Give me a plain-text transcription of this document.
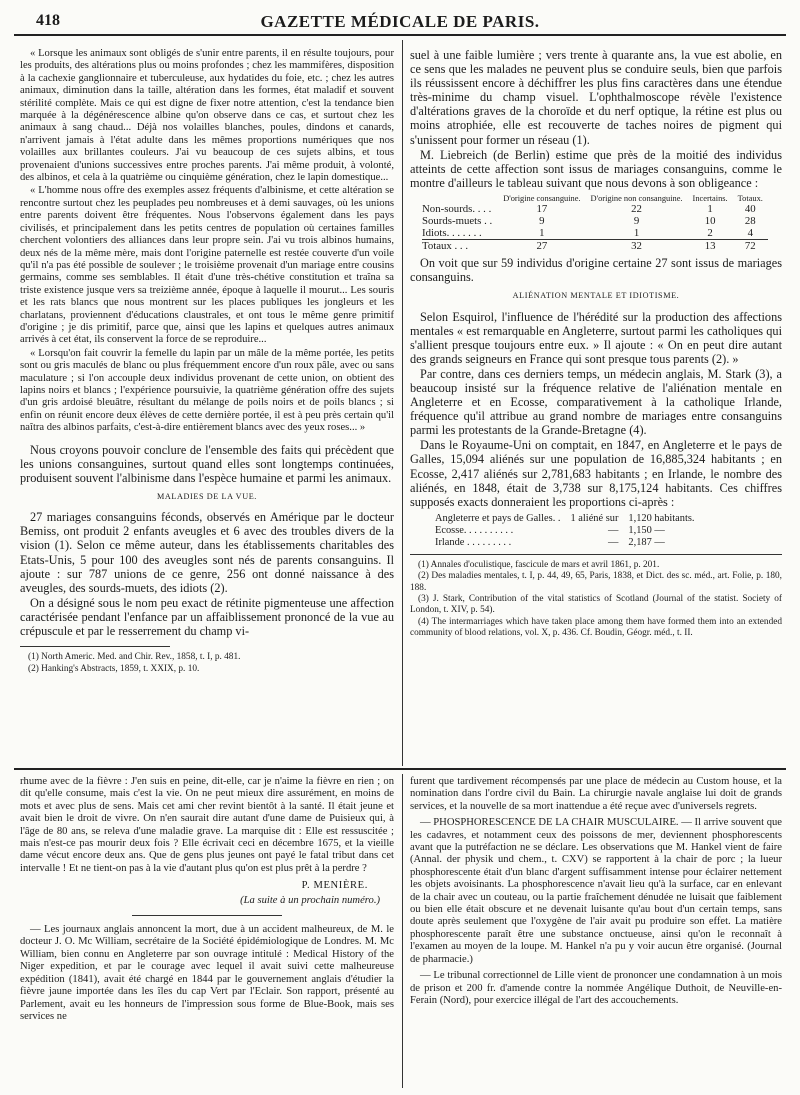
418	GAZETTE MÉDICALE DE PARIS.

« Lorsque les animaux sont obligés de s'unir entre parents, il en résulte toujours, pour les produits, des altérations plus ou moins profondes ; chez les mammifères, disposition à la cachexie ganglionnaire et tuberculeuse, aux hydatides du foie, etc. ; chez les autres animaux, diminution dans la taille, altération dans les formes, état maladif et souvent stérilité complète. Mais ce qui est digne de fixer notre attention, c'est la tendance bien marquée à la dégénérescence albine qu'on observe dans ce cas, et surtout chez les animaux à sang chaud... Déjà nos volailles blanches, poules, dindons et canards, n'arrivent jamais à l'état adulte dans les mêmes proportions numériques que nos volailles aux brillantes couleurs. J'ai vu beaucoup de ces sujets albins, et tous provenaient d'unions successives entre proches parents. J'ai même produit, à volonté, des albinos, et cela à la quatrième ou cinquième génération, chez le lapin domestique...

« L'homme nous offre des exemples assez fréquents d'albinisme, et cette altération se rencontre surtout chez les peuplades peu nombreuses et à demi sauvages, où les unions entre parents doivent être fréquentes. Nous l'observons également dans les pays civilisés, et principalement dans les petits centres de population où certaines familles cherchent volontiers des alliances dans leur propre sein. J'ai vu trois albinos humains, deux nés de la même mère, mais dont l'origine paternelle est restée couverte d'un voile qu'il n'a pas été possible de soulever ; le troisième provenait d'un mariage entre cousins germains, comme ses semblables. Il était d'une très-chétive constitution et traîna sa triste existence jusque vers sa treizième année, époque à laquelle il mourut... Les souris et les rats blancs que nous montrent sur les places publiques les jongleurs et les charlatans, proviennent d'éducations claustrales, et ont tous le même genre primitif d'origine ; je dis primitif, parce que, ainsi que les lapins et quelques autres animaux arrivés à cet état, ils conservent la force de se reproduire...

« Lorsqu'on fait couvrir la femelle du lapin par un mâle de la même portée, les petits sont ou gris maculés de blanc ou plus fréquemment encore d'un roux pâle, avec ou sans maculature ; si l'on accouple deux individus provenant de cette union, on obtient des lapins noirs et blancs ; l'expérience poursuivie, la quatrième génération offre des sujets d'un gris ardoisé bleuâtre, résultant du mélange de poils noirs et de poils blancs ; si enfin on réunit encore deux élèves de cette dernière portée, il est à peu près certain qu'il naîtra des albinos parfaits, c'est-à-dire entièrement blancs avec des yeux roses... »

Nous croyons pouvoir conclure de l'ensemble des faits qui précèdent que les unions consanguines, surtout quand elles sont longtemps continuées, produisent souvent l'albinisme dans l'espèce humaine et parmi les animaux.

MALADIES DE LA VUE.

27 mariages consanguins féconds, observés en Amérique par le docteur Bemiss, ont produit 2 enfants aveugles et 6 avec des troubles divers de la vision (1). Selon ce même auteur, dans les établissements charitables des Etats-Unis, 5 pour 100 des aveugles sont nés de parents consanguins. Il ajoute : sur 787 unions de ce genre, 256 ont donné naissance à des aveugles, des sourds-muets, des idiots (2).

On a désigné sous le nom peu exact de rétinite pigmenteuse une affection caractérisée pendant l'enfance par un affaiblissement prononcé de la vue au crépuscule et par le resserrement du champ vi-

(1) North Americ. Med. and Chir. Rev., 1858, t. I, p. 481.

(2) Hanking's Abstracts, 1859, t. XXIX, p. 10.

suel à une faible lumière ; vers trente à quarante ans, la vue est abolie, en ce sens que les malades ne peuvent plus se conduire seuls, bien que parfois ils réussissent encore à déchiffrer les plus fins caractères dans une étendue très-minime du champ visuel. L'ophthalmoscope révèle l'existence d'altérations graves de la choroïde et du nerf optique, la rétine est plus ou moins atrophiée, elle est recouverte de taches noires de pigment qui s'unissent pour former un réseau (1).

M. Liebreich (de Berlin) estime que près de la moitié des individus atteints de cette affection sont issus de mariages consanguins, comme le montre d'ailleurs le tableau suivant que nous devons à son obligeance :

	D'origine consanguine.	D'origine non consanguine.	Incertains.	Totaux.
Non-sourds. . . .	17	22	1	40
Sourds-muets . .	9	9	10	28
Idiots. . . . . . .	1	1	2	4
Totaux . . .	27	32	13	72

On voit que sur 59 individus d'origine certaine 27 sont issus de mariages consanguins.

ALIÉNATION MENTALE ET IDIOTISME.

Selon Esquirol, l'influence de l'hérédité sur la production des affections mentales « est remarquable en Angleterre, surtout parmi les catholiques qui s'allient presque toujours entre eux. » Il ajoute : « On en peut dire autant des grands seigneurs en France qui sont presque tous parents (2). »

Par contre, dans ces derniers temps, un médecin anglais, M. Stark (3), a beaucoup insisté sur la fréquence relative de l'aliénation mentale en Angleterre et en Ecosse, comparativement à la catholique Irlande, fréquence qu'il attribue au grand nombre de mariages entre consanguins parmi les protestants de la Grande-Bretagne (4).

Dans le Royaume-Uni on comptait, en 1847, en Angleterre et le pays de Galles, 15,094 aliénés sur une population de 16,885,324 habitants ; en Ecosse, 2,417 aliénés sur 2,781,683 habitants ; en Irlande, le nombre des aliénés, en 1848, était de 3,738 sur 8,175,124 habitants. Ces chiffres supposés exacts donneraient les proportions ci-après :

Angleterre et pays de Galles. .	1 aliéné sur	1,120 habitants.
Ecosse. . . . . . . . . .	—	1,150 —
Irlande . . . . . . . . .	—	2,187 —

(1) Annales d'oculistique, fascicule de mars et avril 1861, p. 201.

(2) Des maladies mentales, t. I, p. 44, 49, 65, Paris, 1838, et Dict. des sc. méd., art. Folie, p. 180, 188.

(3) J. Stark, Contribution of the vital statistics of Scotland (Journal of the statist. Society of London, t. XIV, p. 54).

(4) The intermarriages which have taken place among them have formed them into an extended community of blood relations, vol. X, p. 436. Cf. Boudin, Géogr. méd., t. II.

rhume avec de la fièvre : J'en suis en peine, dit-elle, car je n'aime la fièvre en rien ; on dit qu'elle consume, mais c'est la vie. On ne peut mieux dire assurément, en moins de mots et avec plus de sens. Mais cet ami cher revint bientôt à la santé. Il était jeune et avait bien le droit de vivre. On n'en saurait dire autant d'une dame de Puisieux qui, à l'âge de 80 ans, se releva d'une maladie grave. La marquise dit : Elle est ressuscitée ; mais n'est-ce pas mourir deux fois ? Elle écrivait ceci en décembre 1675, et la vieille dame vécut encore deux ans. Que de gens plus jeunes ont payé le fatal tribut dans cet intervalle ! Et ne tient-on pas à la vie d'autant plus qu'on est plus prêt à la perdre ?

P. MENIÈRE.
(La suite à un prochain numéro.)

— Les journaux anglais annoncent la mort, due à un accident malheureux, de M. le docteur J. O. Mc William, secrétaire de la Société épidémiologique de Londres. M. Mc William, bien connu en Angleterre par son ouvrage intitulé : Medical History of the Niger expedition, et par le courage avec lequel il avait suivi cette malheureuse expédition (1841), avait été chargé en 1844 par le gouvernement anglais d'étudier la fièvre jaune importée dans les îles du cap Vert par l'Eclair. Son rapport, présenté au Parlement, avait eu les honneurs de l'impression sous forme de Blue-Book, mais ses services ne

furent que tardivement récompensés par une place de médecin au Custom house, et la nomination dans l'ordre civil du Bain. La chirurgie navale anglaise lui doit de grands services, et la nouvelle de sa mort inattendue a été reçue avec d'universels regrets.

— PHOSPHORESCENCE DE LA CHAIR MUSCULAIRE. — Il arrive souvent que les cadavres, et notamment ceux des poissons de mer, deviennent phosphorescents avant que la putréfaction ne se déclare. Les observations que M. Hankel vient de faire (Annal. der physik und chem., t. CXV) se rapportent à la chair de porc ; la lueur phosphorescente était d'un blanc d'argent suffisamment intense pour éclairer nettement les objets avoisinants. La phosphorescence n'avait lieu qu'à la surface, car en enlevant de la chair avec un couteau, ou la partie fraîchement dénudée ne luisait que faiblement ou bien elle était obscure et ne devenait luisante qu'au bout d'un certain temps, sans doute après seulement que l'oxygène de l'air avait pu produire son effet. La matière phosphorescente paraît être une substance onctueuse, ainsi qu'on le reconnaît à l'examen au moyen de la loupe. M. Hankel n'a pu y voir aucun être organisé. (Journal de pharmacie.)

— Le tribunal correctionnel de Lille vient de prononcer une condamnation à un mois de prison et 200 fr. d'amende contre la nommée Angélique Duthoit, de Neuville-en-Ferain (Nord), pour exercice illégal de l'art des accouchements.
